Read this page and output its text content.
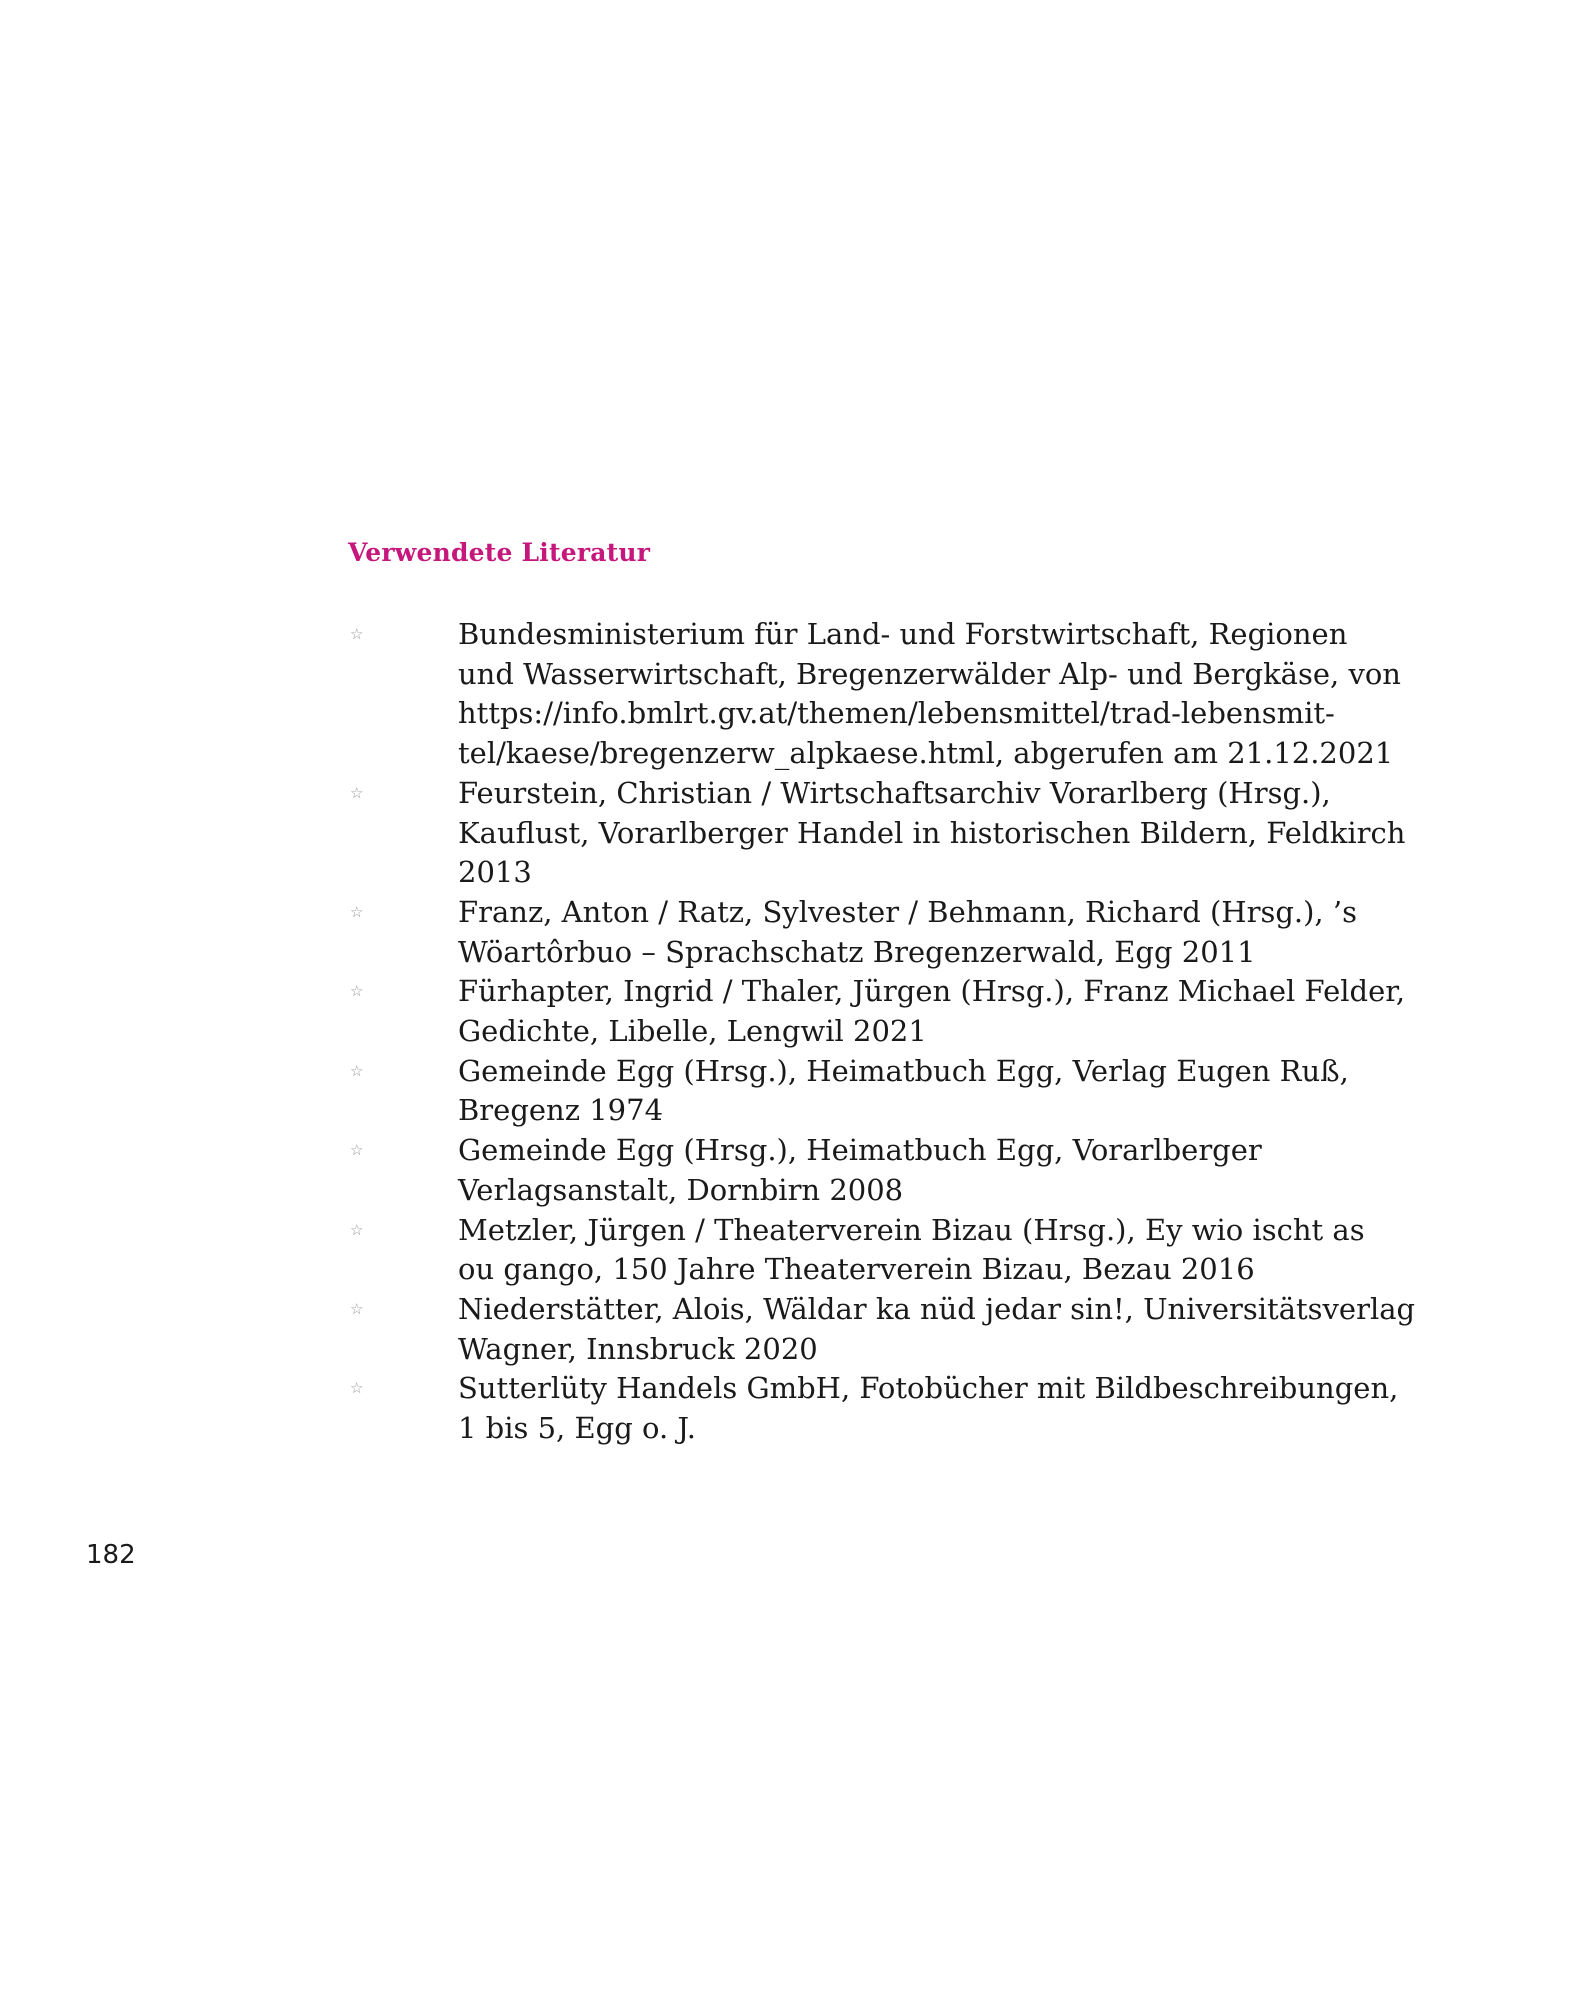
Verwendete Literatur
☆	Bundesministerium für Land- und Forstwirtschaft, Regionen
und Wasserwirtschaft, Bregenzerwälder Alp- und Bergkäse, von
https://info.bmlrt.gv.at/themen/lebensmittel/trad-lebensmit-
tel/kaese/bregenzerw_alpkaese.html, abgerufen am 21.12.2021
☆	Feurstein, Christian / Wirtschaftsarchiv Vorarlberg (Hrsg.),
Kauflust, Vorarlberger Handel in historischen Bildern, Feldkirch
2013
☆	Franz, Anton / Ratz, Sylvester / Behmann, Richard (Hrsg.), ’s
Wöartôrbuo – Sprachschatz Bregenzerwald, Egg 2011
☆	Fürhapter, Ingrid / Thaler, Jürgen (Hrsg.), Franz Michael Felder,
Gedichte, Libelle, Lengwil 2021
☆	Gemeinde Egg (Hrsg.), Heimatbuch Egg, Verlag Eugen Ruß,
Bregenz 1974
☆	Gemeinde Egg (Hrsg.), Heimatbuch Egg, Vorarlberger
Verlagsanstalt, Dornbirn 2008
☆	Metzler, Jürgen / Theaterverein Bizau (Hrsg.), Ey wio ischt as
ou gango, 150 Jahre Theaterverein Bizau, Bezau 2016
☆	Niederstätter, Alois, Wäldar ka nüd jedar sin!, Universitätsverlag
Wagner, Innsbruck 2020
☆	Sutterlüty Handels GmbH, Fotobücher mit Bildbeschreibungen,
1 bis 5, Egg o. J.

182
